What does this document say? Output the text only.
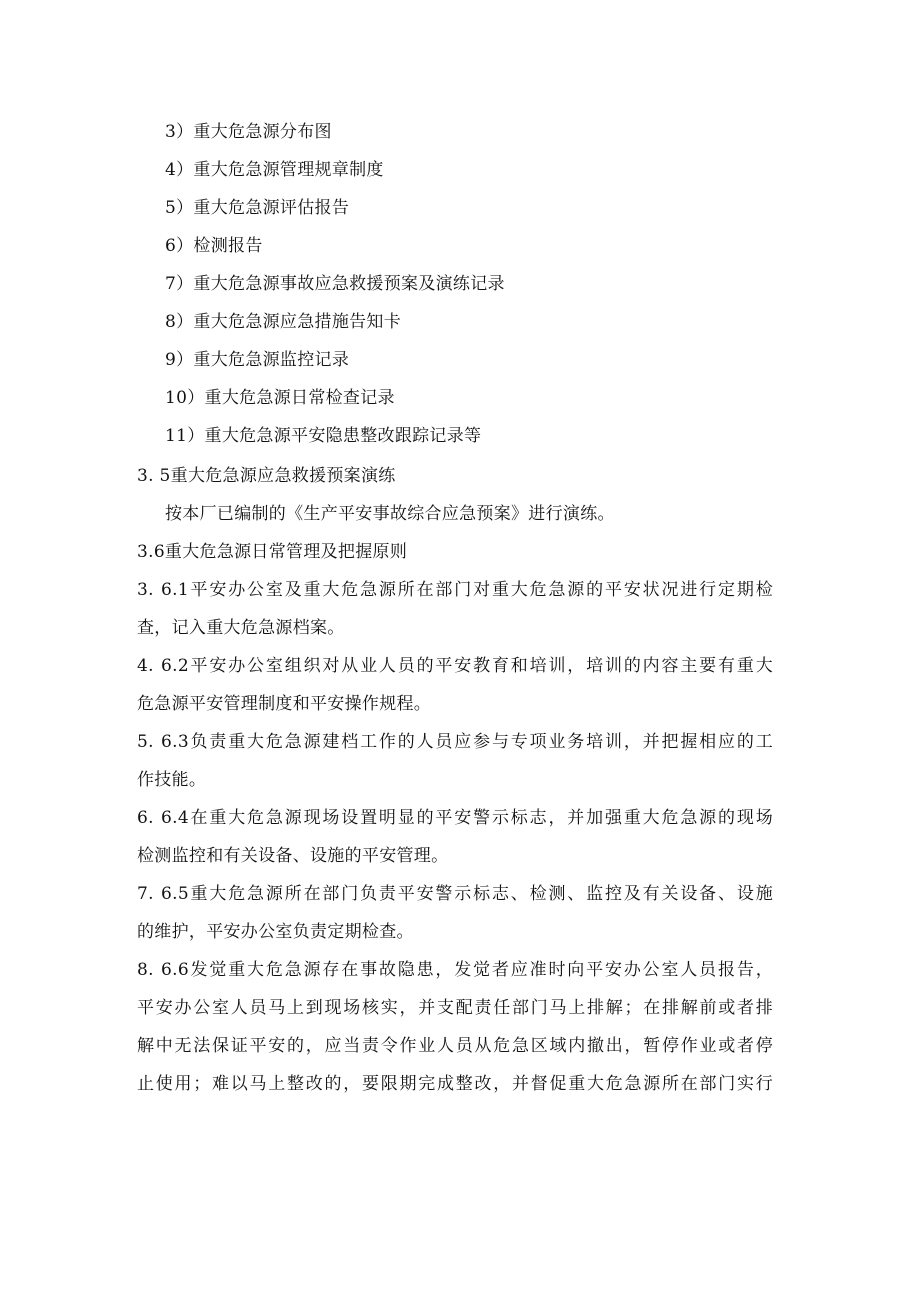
3）重大危急源分布图
4）重大危急源管理规章制度
5）重大危急源评估报告
6）检测报告
7）重大危急源事故应急救援预案及演练记录
8）重大危急源应急措施告知卡
9）重大危急源监控记录
10）重大危急源日常检查记录
11）重大危急源平安隐患整改跟踪记录等
3. 5重大危急源应急救援预案演练
按本厂已编制的《生产平安事故综合应急预案》进行演练。
3.6重大危急源日常管理及把握原则
3. 6.1平安办公室及重大危急源所在部门对重大危急源的平安状况进行定期检
查，记入重大危急源档案。
4. 6.2平安办公室组织对从业人员的平安教育和培训，培训的内容主要有重大
危急源平安管理制度和平安操作规程。
5. 6.3负责重大危急源建档工作的人员应参与专项业务培训，并把握相应的工
作技能。
6. 6.4在重大危急源现场设置明显的平安警示标志，并加强重大危急源的现场
检测监控和有关设备、设施的平安管理。
7. 6.5重大危急源所在部门负责平安警示标志、检测、监控及有关设备、设施
的维护，平安办公室负责定期检查。
8. 6.6发觉重大危急源存在事故隐患，发觉者应准时向平安办公室人员报告，
平安办公室人员马上到现场核实，并支配责任部门马上排解；在排解前或者排
解中无法保证平安的，应当责令作业人员从危急区域内撤出，暂停作业或者停
止使用；难以马上整改的，要限期完成整改，并督促重大危急源所在部门实行
